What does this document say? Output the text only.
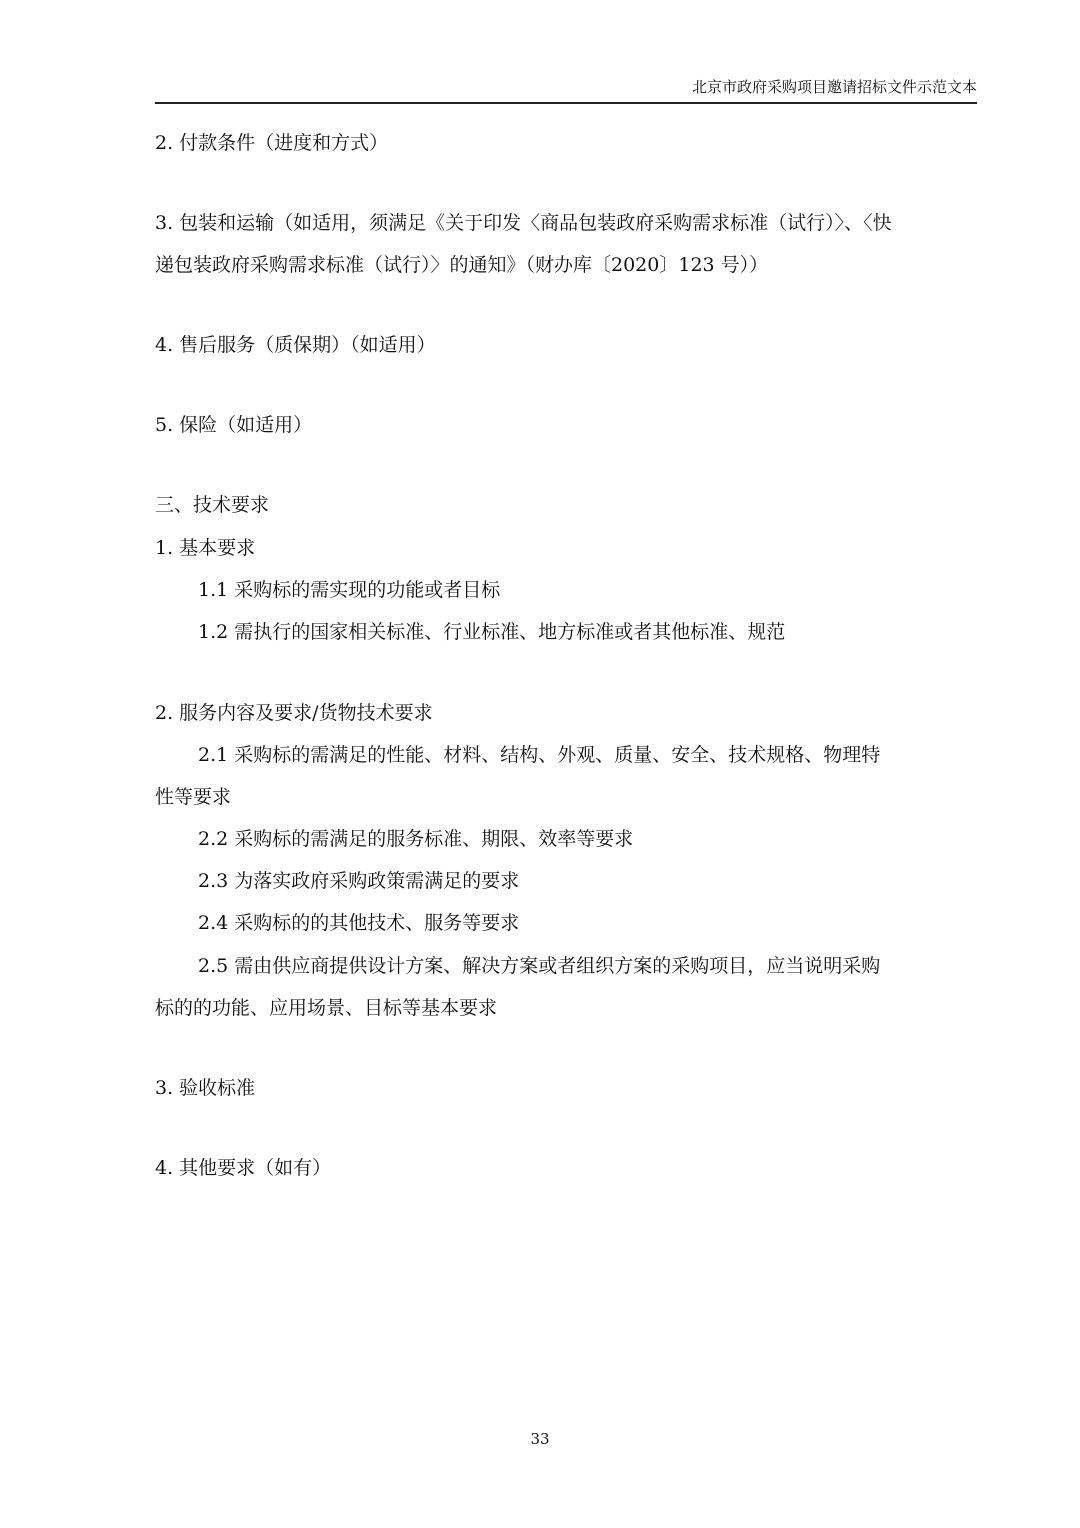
北京市政府采购项目邀请招标文件示范文本
2. 付款条件（进度和方式）
3. 包装和运输（如适用，须满足《关于印发〈商品包装政府采购需求标准（试行）〉、〈快
递包装政府采购需求标准（试行）〉的通知》（财办库〔2020〕123 号））
4. 售后服务（质保期）（如适用）
5. 保险（如适用）
三、技术要求
1. 基本要求
1.1 采购标的需实现的功能或者目标
1.2 需执行的国家相关标准、行业标准、地方标准或者其他标准、规范
2. 服务内容及要求/货物技术要求
2.1 采购标的需满足的性能、材料、结构、外观、质量、安全、技术规格、物理特
性等要求
2.2 采购标的需满足的服务标准、期限、效率等要求
2.3 为落实政府采购政策需满足的要求
2.4 采购标的的其他技术、服务等要求
2.5 需由供应商提供设计方案、解决方案或者组织方案的采购项目，应当说明采购
标的的功能、应用场景、目标等基本要求
3. 验收标准
4. 其他要求（如有）
33
